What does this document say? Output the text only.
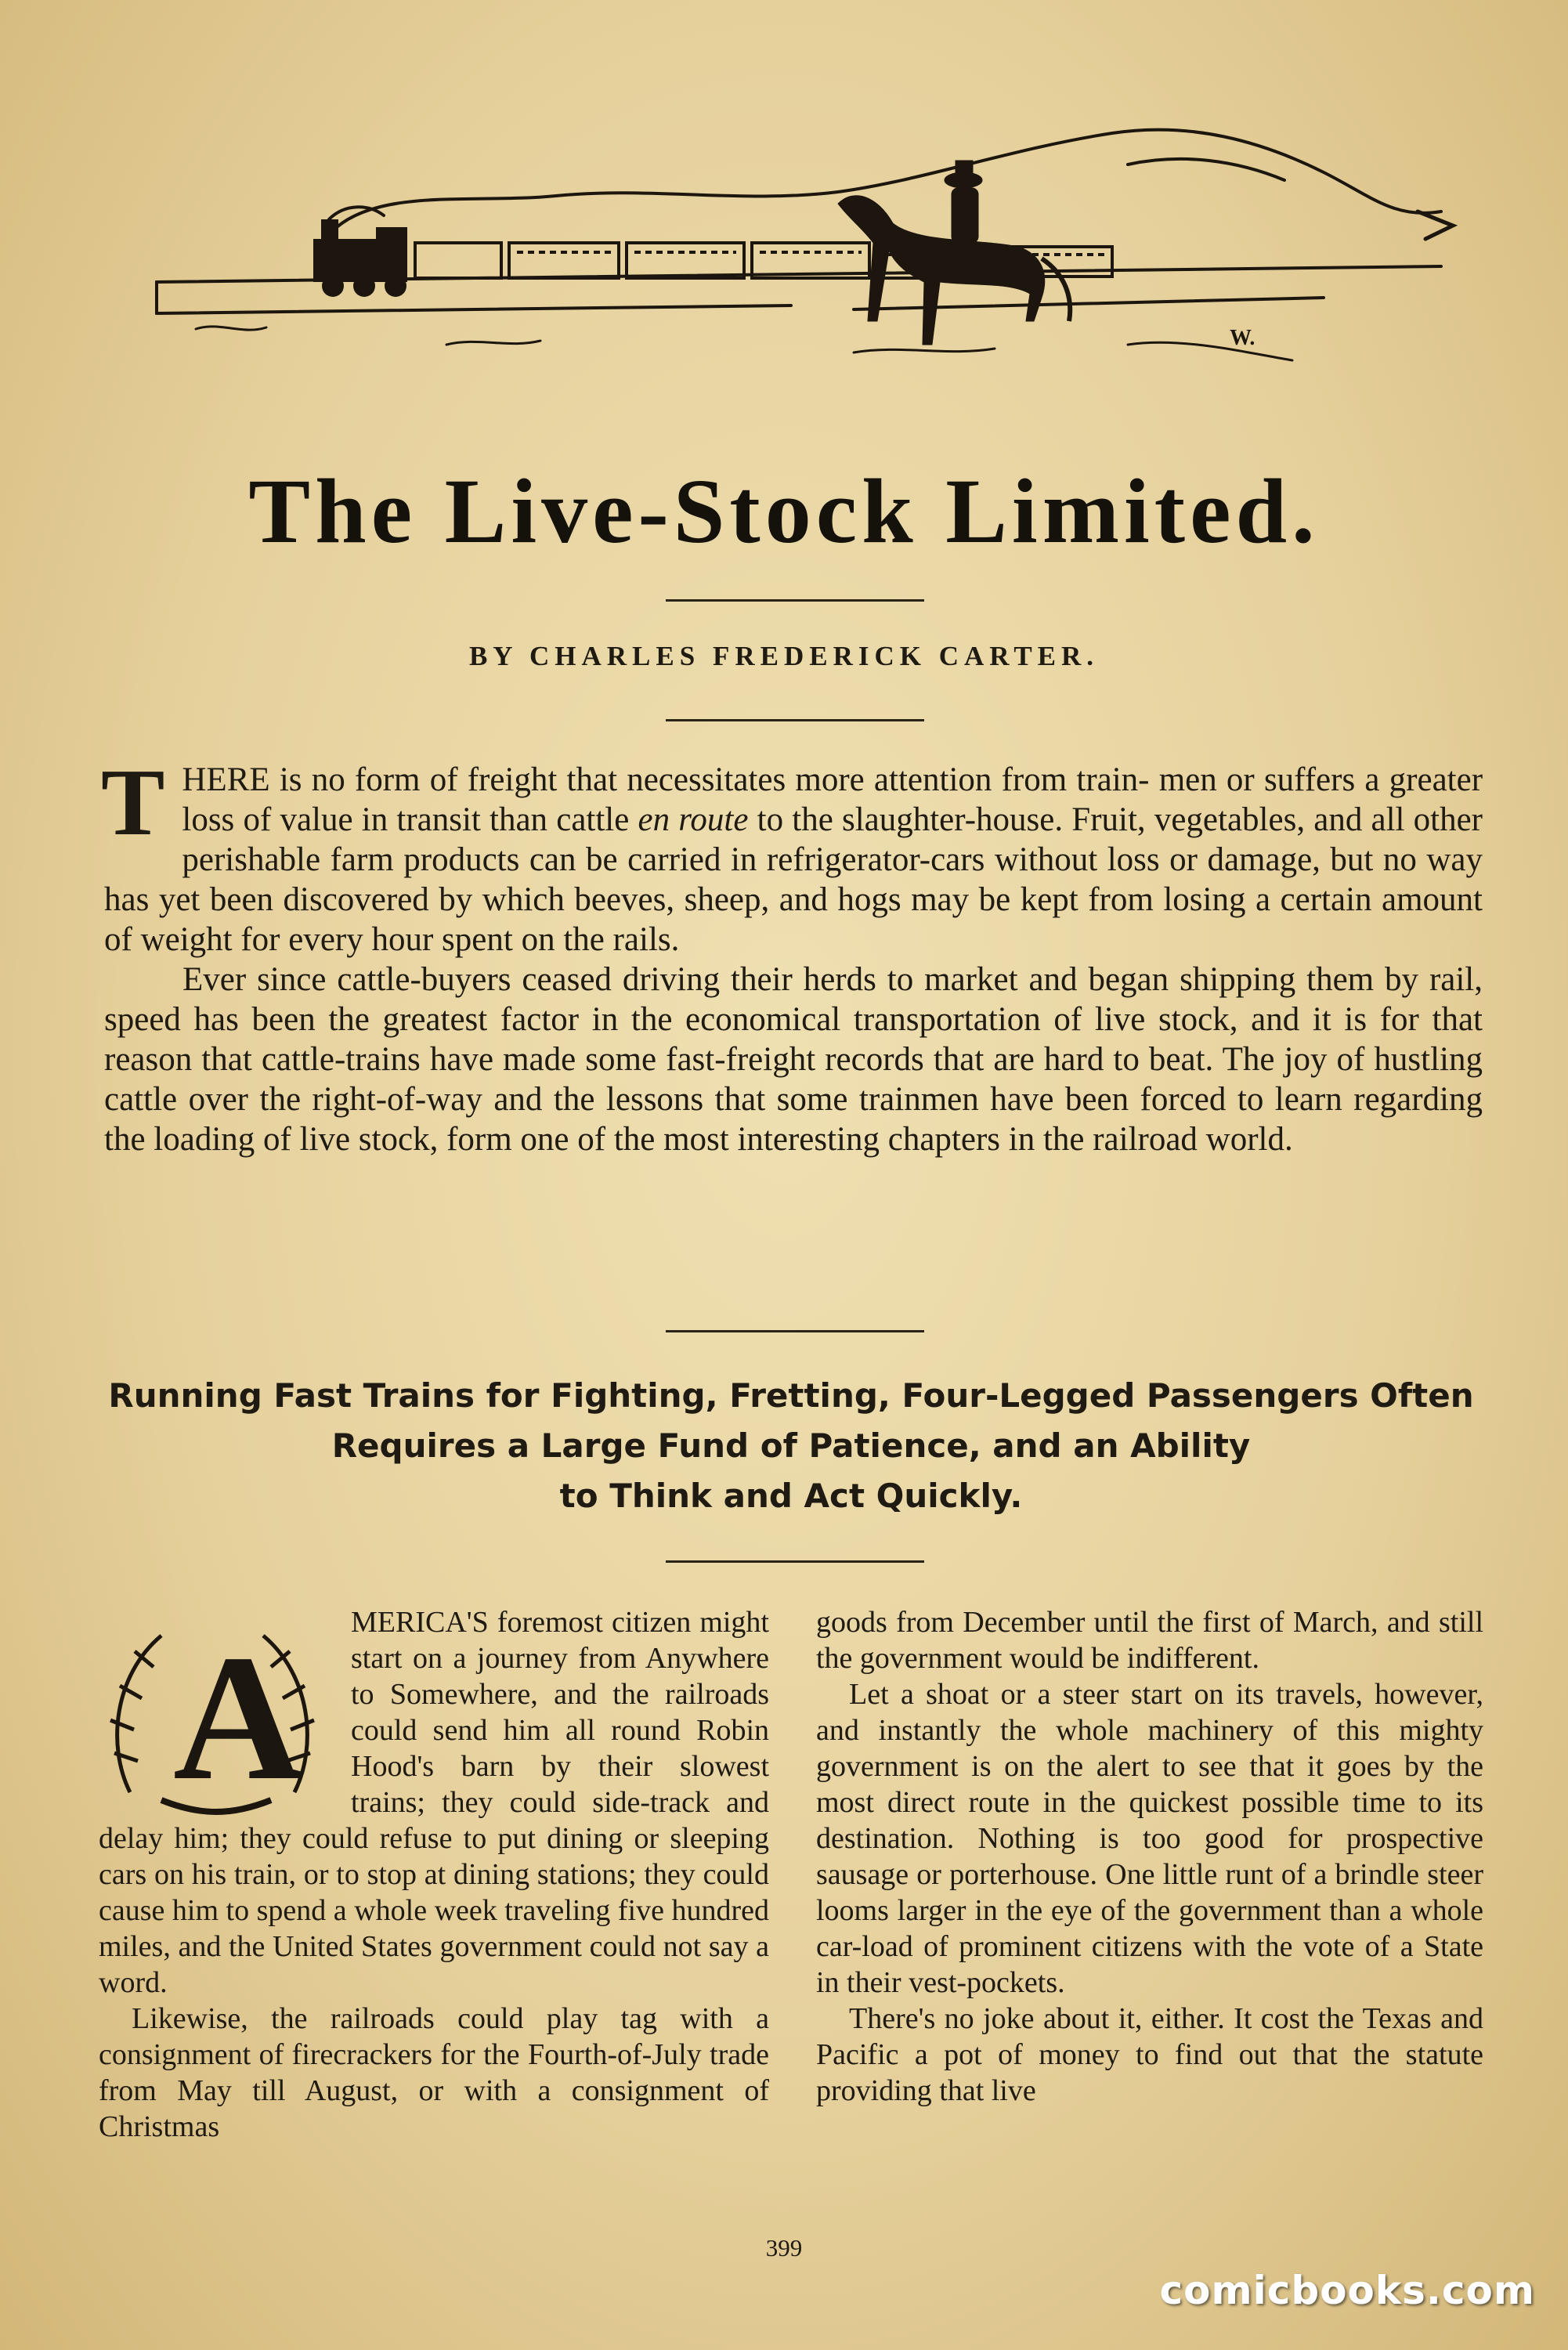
W.
The Live-Stock Limited.
BY CHARLES FREDERICK CARTER.

THERE is no form of freight that necessitates more attention from train- men or suffers a greater loss of value in transit than cattle en route to the slaughter-house. Fruit, vegetables, and all other perishable farm products can be carried in refrigerator-cars without loss or damage, but no way has yet been discovered by which beeves, sheep, and hogs may be kept from losing a certain amount of weight for every hour spent on the rails.

Ever since cattle-buyers ceased driving their herds to market and began shipping them by rail, speed has been the greatest factor in the economical transportation of live stock, and it is for that reason that cattle-trains have made some fast-freight records that are hard to beat. The joy of hustling cattle over the right-of-way and the lessons that some trainmen have been forced to learn regarding the loading of live stock, form one of the most interesting chapters in the railroad world.

Running Fast Trains for Fighting, Fretting, Four-Legged Passengers Often
Requires a Large Fund of Patience, and an Ability
to Think and Act Quickly.
A	MERICA'S foremost citizen might start on a journey from Anywhere to Somewhere, and the railroads could send him all round Robin Hood's barn by their slowest trains; they could side-track and delay him; they could refuse to put dining or sleeping cars on his train, or to stop at dining stations; they could cause him to spend a whole week traveling five hundred miles, and the United States government could not say a word.

Likewise, the railroads could play tag with a consignment of firecrackers for the Fourth-of-July trade from May till August, or with a consignment of Christmas

goods from December until the first of March, and still the government would be indifferent.

Let a shoat or a steer start on its travels, however, and instantly the whole machinery of this mighty government is on the alert to see that it goes by the most direct route in the quickest possible time to its destination. Nothing is too good for prospective sausage or porterhouse. One little runt of a brindle steer looms larger in the eye of the government than a whole car-load of prominent citizens with the vote of a State in their vest-pockets.

There's no joke about it, either. It cost the Texas and Pacific a pot of money to find out that the statute providing that live

399
comicbooks.com
